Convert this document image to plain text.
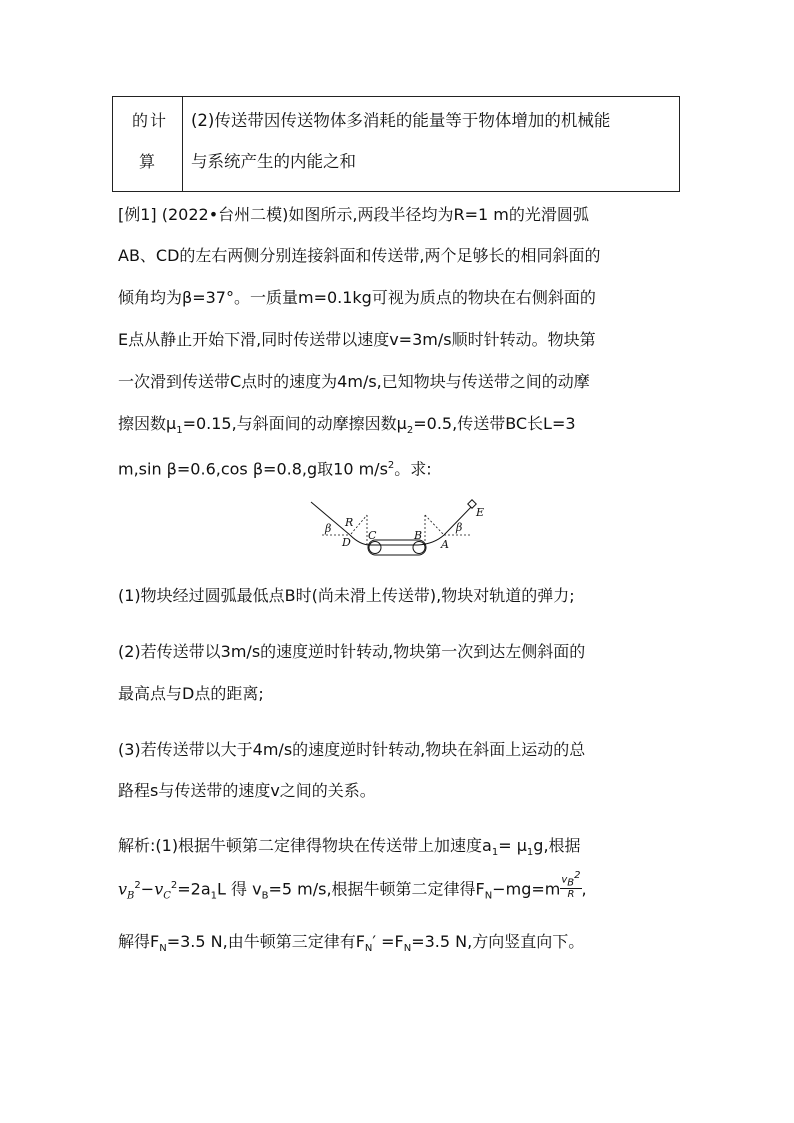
的计
算
(2)传送带因传送物体多消耗的能量等于物体增加的机械能
与系统产生的内能之和
[例1] (2022•台州二模)如图所示,两段半径均为R=1 m的光滑圆弧
AB、CD的左右两侧分别连接斜面和传送带,两个足够长的相同斜面的
倾角均为β=37°。一质量m=0.1kg可视为质点的物块在右侧斜面的
E点从静止开始下滑,同时传送带以速度v=3m/s顺时针转动。物块第
一次滑到传送带C点时的速度为4m/s,已知物块与传送带之间的动摩
擦因数$\mu_1=0.15$,与斜面间的动摩擦因数$\mu_2=0.5$,传送带BC长L=3
m,sin β=0.6,cos β=0.8,g取10 $m/s^2$。求:
β R
D
C	B
A
β
E
(1)物块经过圆弧最低点B时(尚未滑上传送带),物块对轨道的弹力;
(2)若传送带以3m/s的速度逆时针转动,物块第一次到达左侧斜面的
最高点与D点的距离;
(3)若传送带以大于4m/s的速度逆时针转动,物块在斜面上运动的总
路程s与传送带的速度v之间的关系。
解析:(1)根据牛顿第二定律得物块在传送带上加速度$a_1= \mu_1g$,根据
$v_B^2-v_C^2=2a_1L$ 得 $v_B=5$ m/s,根据牛顿第二定律得$F_N-mg=m \frac{v_B^2}{R}$ ,
解得$F_N=3.5$ N,由牛顿第三定律有$F_N' =F_N=3.5$ N,方向竖直向下。
